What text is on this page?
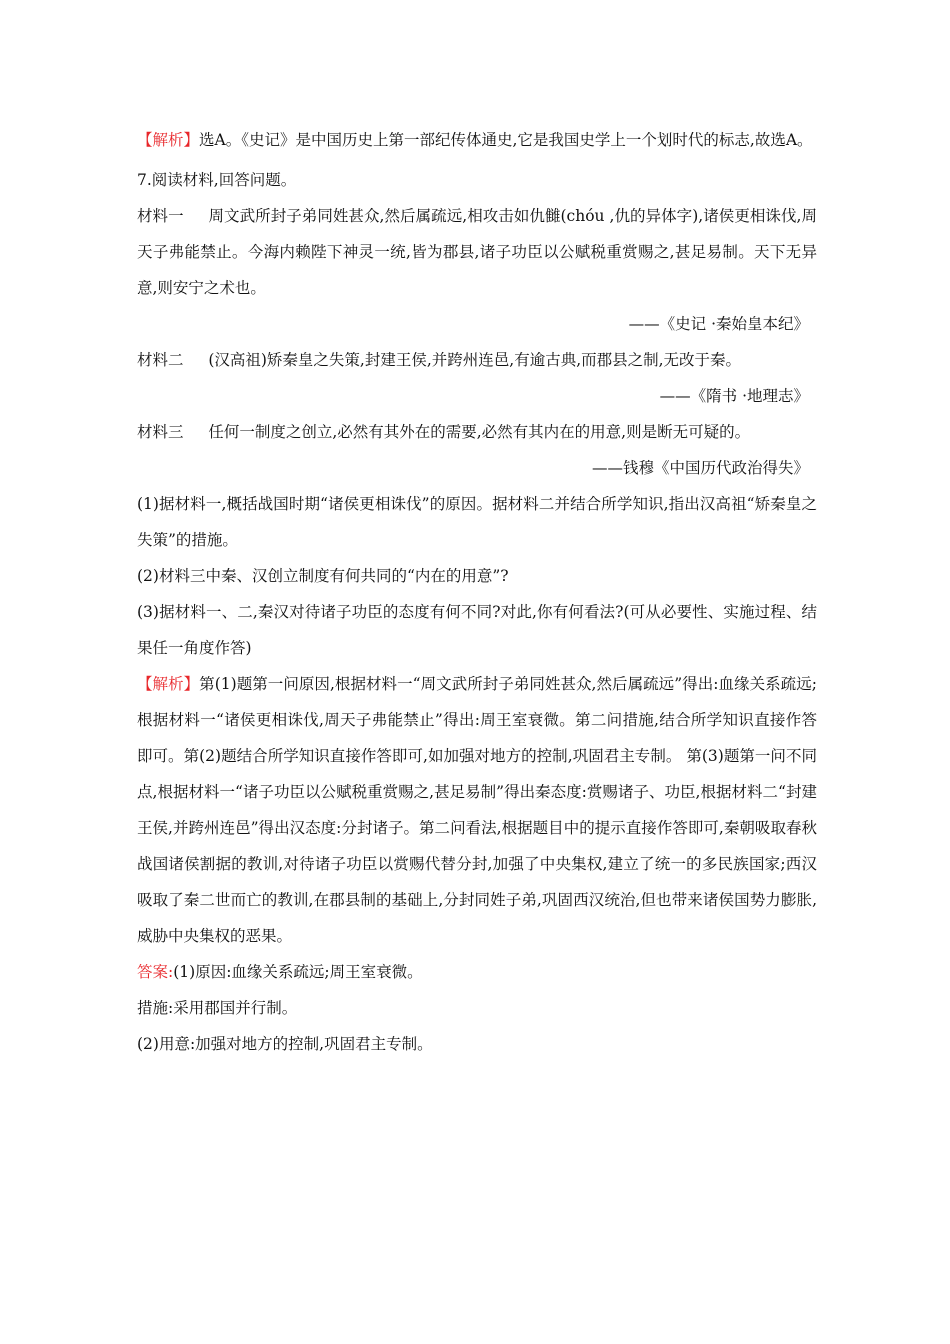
【解析】选A。《史记》是中国历史上第一部纪传体通史,它是我国史学上一个划时代的标志,故选A。

7.阅读材料,回答问题。

材料一 周文武所封子弟同姓甚众,然后属疏远,相攻击如仇雠(chóu ,仇的异体字),诸侯更相诛伐,周天子弗能禁止。今海内赖陛下神灵一统,皆为郡县,诸子功臣以公赋税重赏赐之,甚足易制。天下无异意,则安宁之术也。

——《史记 ·秦始皇本纪》

材料二 (汉高祖)矫秦皇之失策,封建王侯,并跨州连邑,有逾古典,而郡县之制,无改于秦。

——《隋书 ·地理志》

材料三 任何一制度之创立,必然有其外在的需要,必然有其内在的用意,则是断无可疑的。

——钱穆《中国历代政治得失》

(1)据材料一,概括战国时期“诸侯更相诛伐”的原因。据材料二并结合所学知识,指出汉高祖“矫秦皇之失策”的措施。

(2)材料三中秦、汉创立制度有何共同的“内在的用意”?

(3)据材料一、二,秦汉对待诸子功臣的态度有何不同?对此,你有何看法?(可从必要性、实施过程、结果任一角度作答)

【解析】第(1)题第一问原因,根据材料一“周文武所封子弟同姓甚众,然后属疏远”得出:血缘关系疏远;根据材料一“诸侯更相诛伐,周天子弗能禁止”得出:周王室衰微。第二问措施,结合所学知识直接作答即可。第(2)题结合所学知识直接作答即可,如加强对地方的控制,巩固君主专制。 第(3)题第一问不同点,根据材料一“诸子功臣以公赋税重赏赐之,甚足易制”得出秦态度:赏赐诸子、功臣,根据材料二“封建王侯,并跨州连邑”得出汉态度:分封诸子。第二问看法,根据题目中的提示直接作答即可,秦朝吸取春秋战国诸侯割据的教训,对待诸子功臣以赏赐代替分封,加强了中央集权,建立了统一的多民族国家;西汉吸取了秦二世而亡的教训,在郡县制的基础上,分封同姓子弟,巩固西汉统治,但也带来诸侯国势力膨胀,威胁中央集权的恶果。

答案:(1)原因:血缘关系疏远;周王室衰微。

措施:采用郡国并行制。

(2)用意:加强对地方的控制,巩固君主专制。
